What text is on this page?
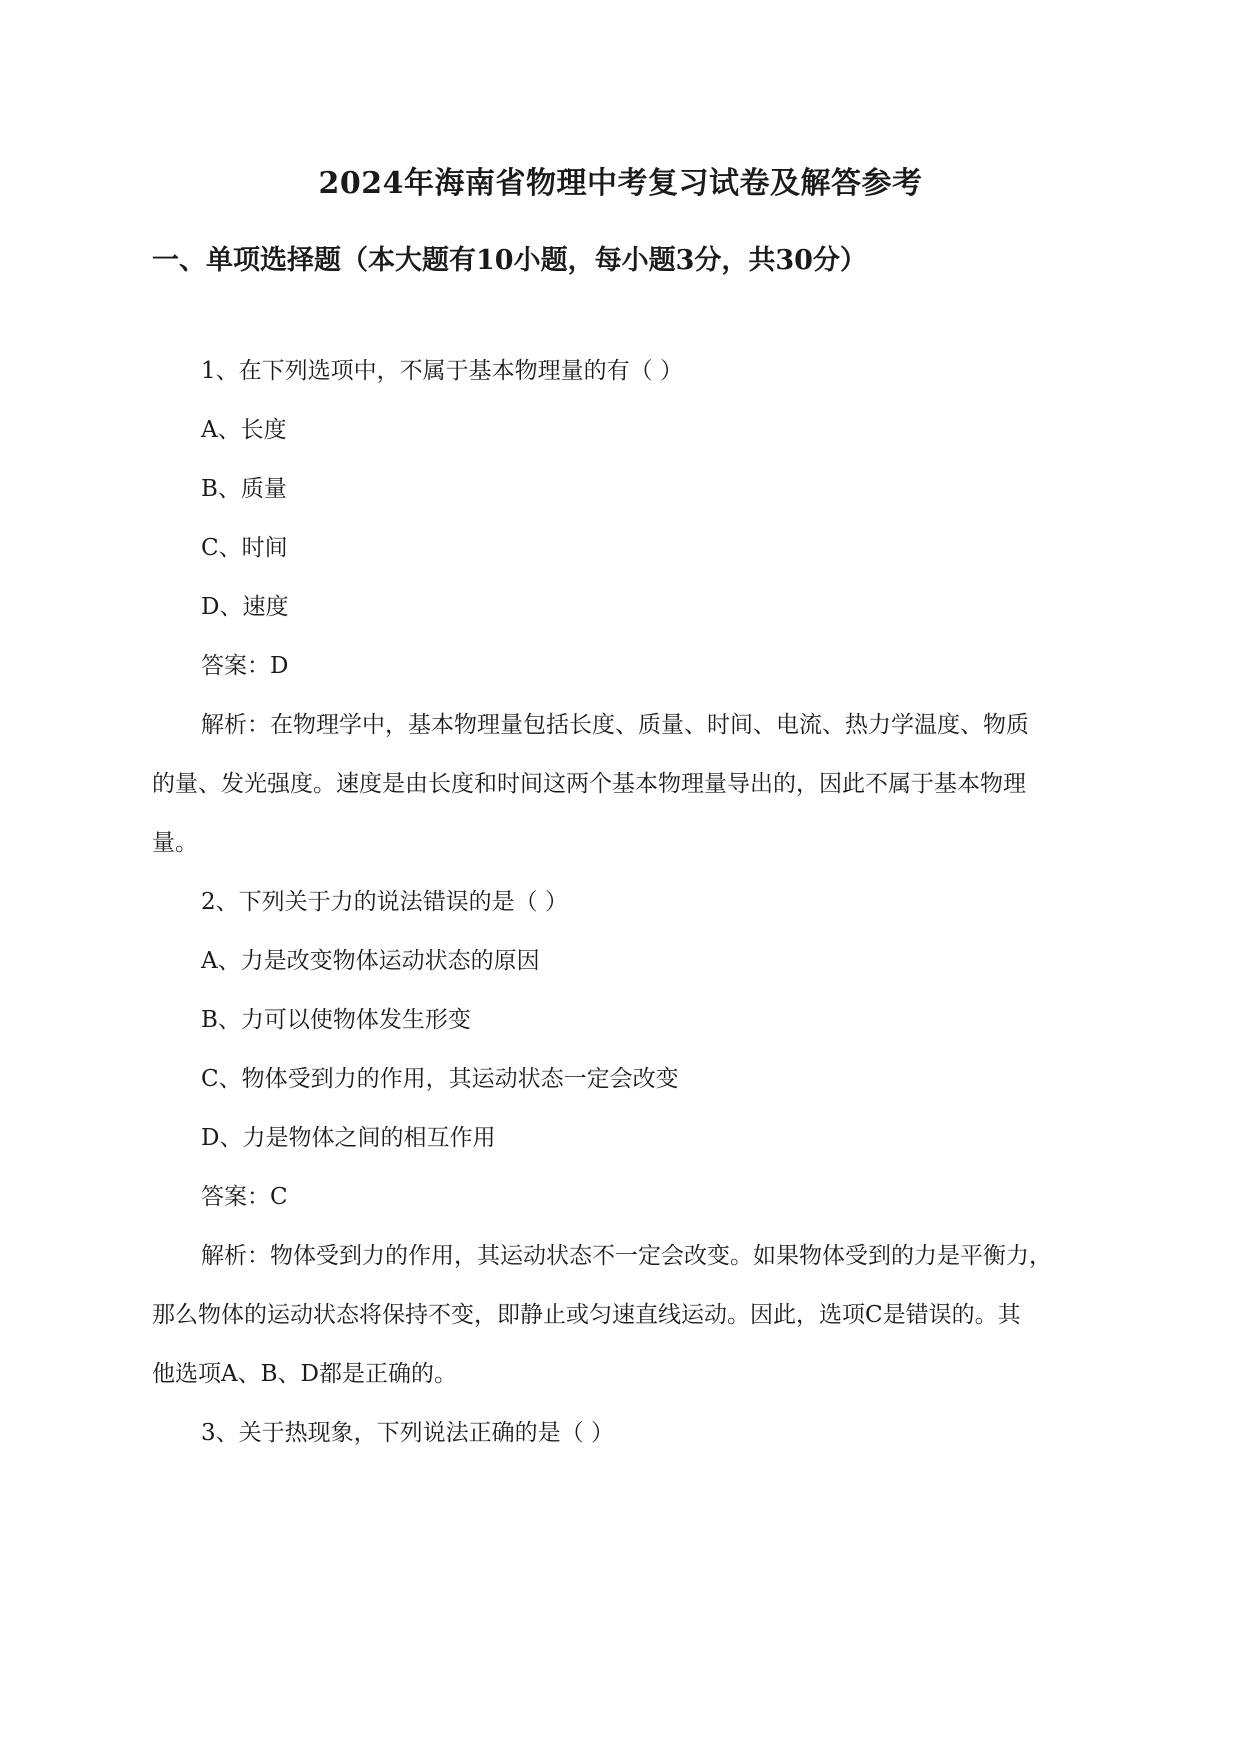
2024年海南省物理中考复习试卷及解答参考
一、单项选择题（本大题有10小题，每小题3分，共30分）

1、在下列选项中，不属于基本物理量的有（ ）

A、长度

B、质量

C、时间

D、速度

答案：D

解析：在物理学中，基本物理量包括长度、质量、时间、电流、热力学温度、物质

的量、发光强度。速度是由长度和时间这两个基本物理量导出的，因此不属于基本物理

量。

2、下列关于力的说法错误的是（ ）

A、力是改变物体运动状态的原因

B、力可以使物体发生形变

C、物体受到力的作用，其运动状态一定会改变

D、力是物体之间的相互作用

答案：C

解析：物体受到力的作用，其运动状态不一定会改变。如果物体受到的力是平衡力，

那么物体的运动状态将保持不变，即静止或匀速直线运动。因此，选项C是错误的。其

他选项A、B、D都是正确的。

3、关于热现象，下列说法正确的是（ ）
